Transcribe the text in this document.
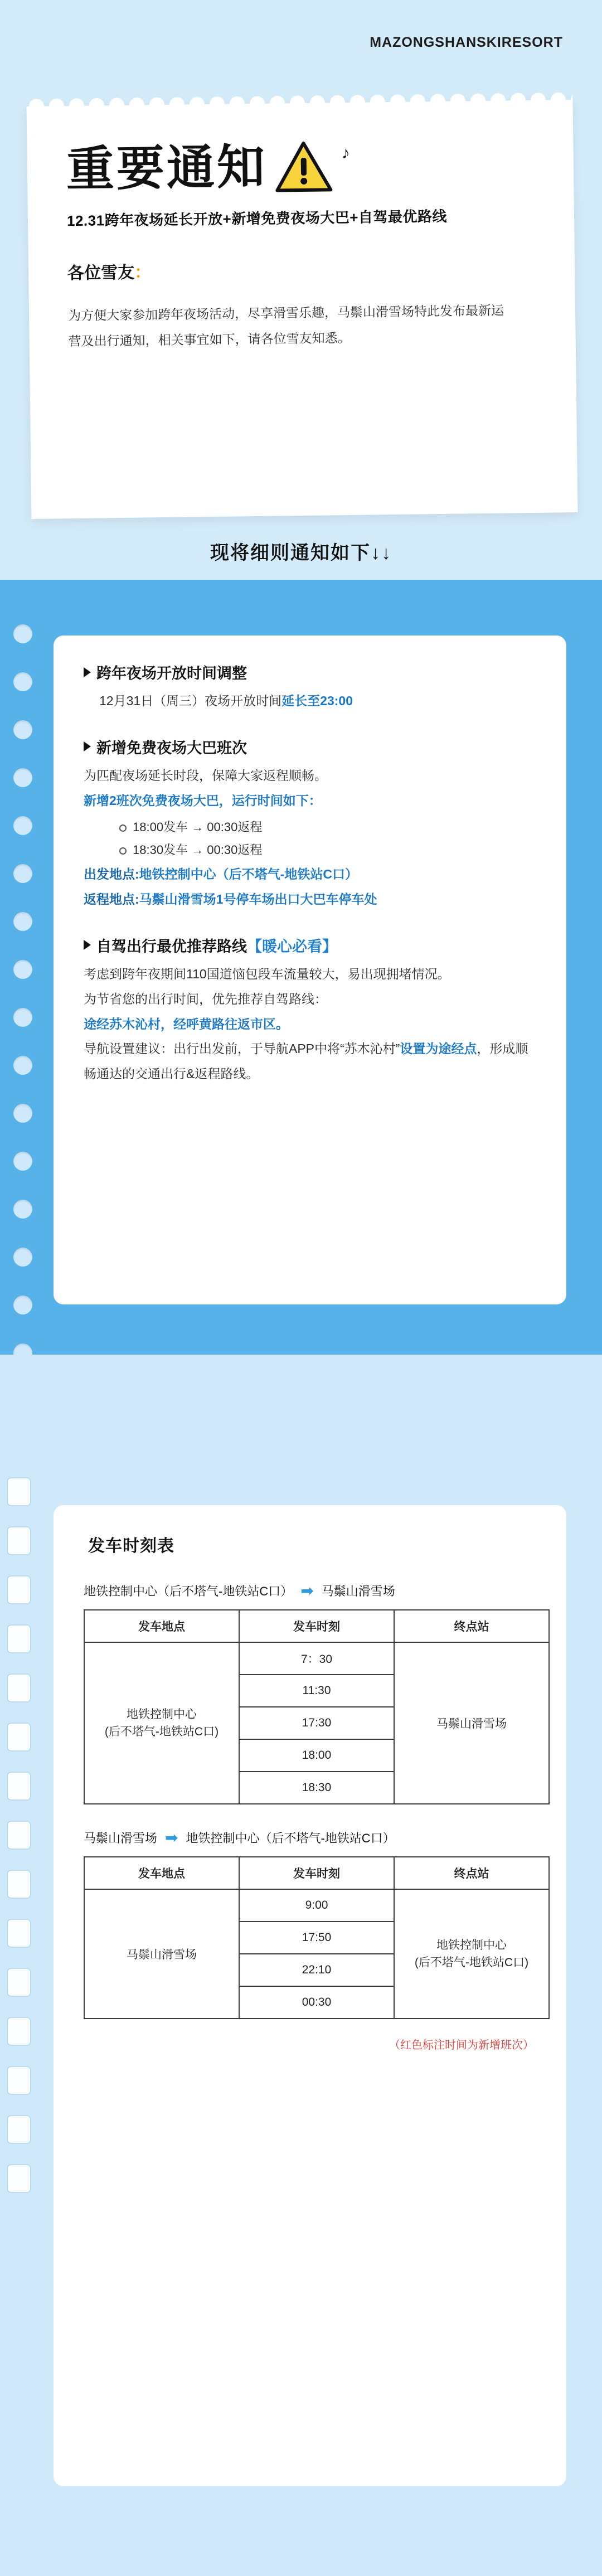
MAZONGSHANSKIRESORT
重要通知	♪
12.31跨年夜场延长开放+新增免费夜场大巴+自驾最优路线
各位雪友：
为方便大家参加跨年夜场活动，尽享滑雪乐趣，马鬃山滑雪场特此发布最新运营及出行通知，相关事宜如下，请各位雪友知悉。
现将细则通知如下↓↓
跨年夜场开放时间调整
12月31日（周三）夜场开放时间延长至23:00
新增免费夜场大巴班次
为匹配夜场延长时段，保障大家返程顺畅。
新增2班次免费夜场大巴，运行时间如下：
18:00发车 → 00:30返程
18:30发车 → 00:30返程
出发地点:地铁控制中心（后不塔气-地铁站C口）
返程地点:马鬃山滑雪场1号停车场出口大巴车停车处
自驾出行最优推荐路线【暖心必看】
考虑到跨年夜期间110国道恼包段车流量较大，易出现拥堵情况。
为节省您的出行时间，优先推荐自驾路线：
途经苏木沁村，经呼黄路往返市区。
导航设置建议：出行出发前，于导航APP中将“苏木沁村”设置为途经点，形成顺畅通达的交通出行&返程路线。
发车时刻表
地铁控制中心（后不塔气-地铁站C口） ➡ 马鬃山滑雪场
发车地点	发车时刻	终点站

地铁控制中心
(后不塔气-地铁站C口)	7：30	马鬃山滑雪场
	11:30	
	17:30	
	18:00	
	18:30	
马鬃山滑雪场 ➡ 地铁控制中心（后不塔气-地铁站C口）
发车地点	发车时刻	终点站
马鬃山滑雪场	9:00	地铁控制中心
(后不塔气-地铁站C口)

	17:50	
	22:10	
	00:30	
（红色标注时间为新增班次）
